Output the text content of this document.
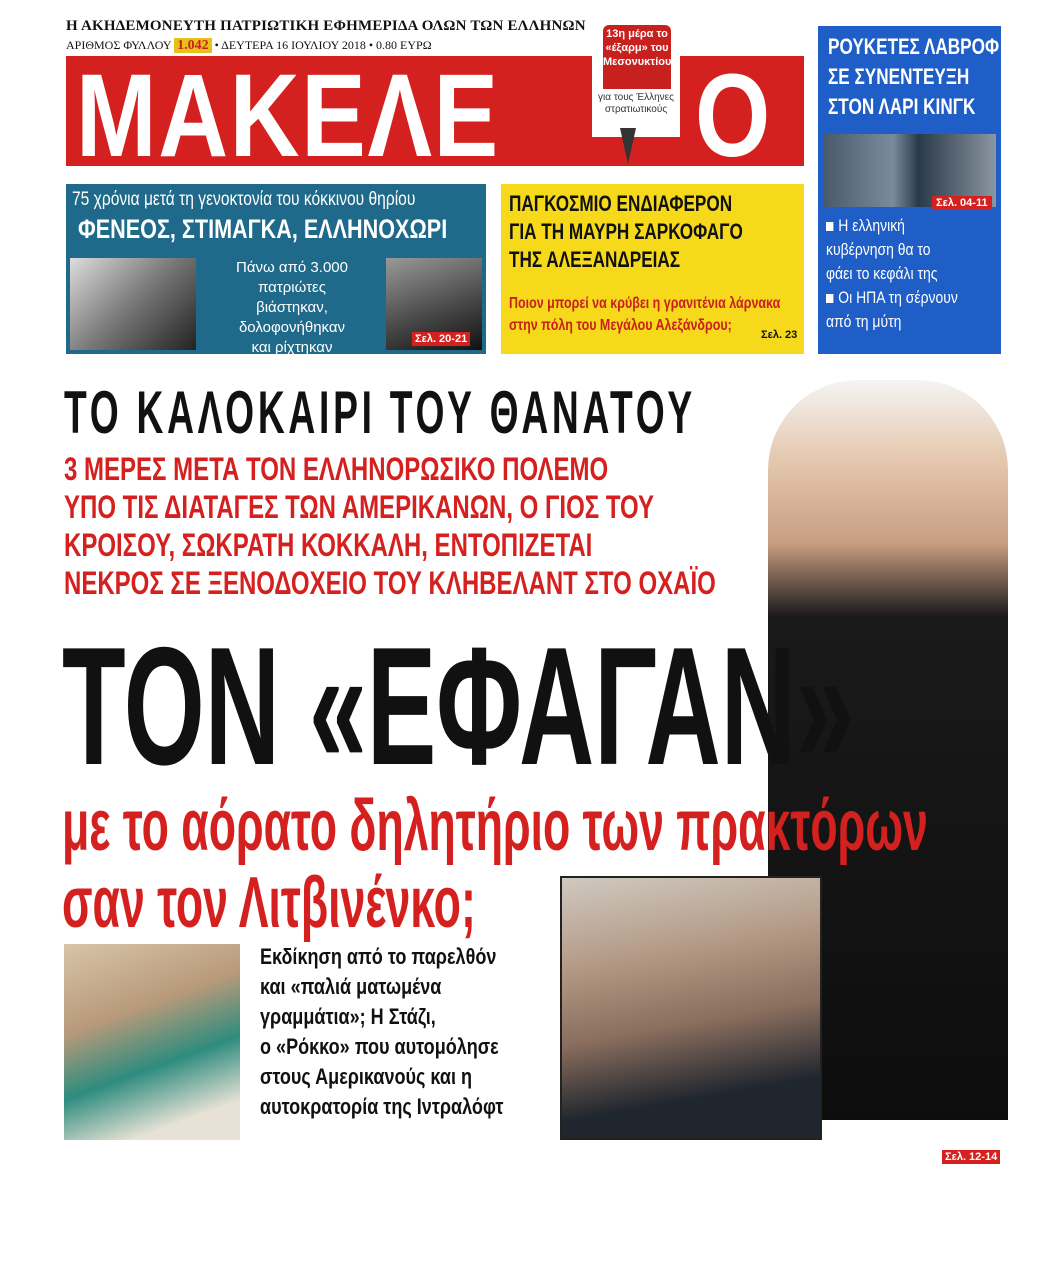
Η ΑΚΗΔΕΜΟΝΕΥΤΗ ΠΑΤΡΙΩΤΙΚΗ ΕΦΗΜΕΡΙΔΑ ΟΛΩΝ ΤΩΝ ΕΛΛΗΝΩΝ
ΑΡΙΘΜΟΣ ΦΥΛΛΟΥ 1.042 • ΔΕΥΤΕΡΑ 16 ΙΟΥΛΙΟΥ 2018 • 0.80 ΕΥΡΩ
ΜΑΚΕΛΕ Ο
13η μέρα το «έξαρμ» του Μεσονυκτίου»
για τους Έλληνες στρατιωτικούς
ΡΟΥΚΕΤΕΣ ΛΑΒΡΟΦ
ΣΕ ΣΥΝΕΝΤΕΥΞΗ
ΣΤΟΝ ΛΑΡΙ ΚΙΝΓΚ
Σελ. 04-11
Η ελληνική
κυβέρνηση θα το
φάει το κεφάλι της
Οι ΗΠΑ τη σέρνουν
από τη μύτη
75 χρόνια μετά τη γενοκτονία του κόκκινου θηρίου
ΦΕΝΕΟΣ, ΣΤΙΜΑΓΚΑ, ΕΛΛΗΝΟΧΩΡΙ
Πάνω από 3.000 πατριώτες
βιάστηκαν, δολοφονήθηκαν
και ρίχτηκαν
σε τρύπες και χαράδρες
Σελ. 20-21
ΠΑΓΚΟΣΜΙΟ ΕΝΔΙΑΦΕΡΟΝ
ΓΙΑ ΤΗ ΜΑΥΡΗ ΣΑΡΚΟΦΑΓΟ
ΤΗΣ ΑΛΕΞΑΝΔΡΕΙΑΣ
Ποιον μπορεί να κρύβει η γρανιτένια λάρνακα
στην πόλη του Μεγάλου Αλεξάνδρου;
Σελ. 23
ΤΟ ΚΑΛΟΚΑΙΡΙ ΤΟΥ ΘΑΝΑΤΟΥ
3 ΜΕΡΕΣ ΜΕΤΑ ΤΟΝ ΕΛΛΗΝΟΡΩΣΙΚΟ ΠΟΛΕΜΟ
ΥΠΟ ΤΙΣ ΔΙΑΤΑΓΕΣ ΤΩΝ ΑΜΕΡΙΚΑΝΩΝ, Ο ΓΙΟΣ ΤΟΥ
ΚΡΟΙΣΟΥ, ΣΩΚΡΑΤΗ ΚΟΚΚΑΛΗ, ΕΝΤΟΠΙΖΕΤΑΙ
ΝΕΚΡΟΣ ΣΕ ΞΕΝΟΔΟΧΕΙΟ ΤΟΥ ΚΛΗΒΕΛΑΝΤ ΣΤΟ ΟΧΑΪΟ
ΤΟΝ «ΕΦΑΓΑΝ»
με το αόρατο δηλητήριο των πρακτόρων
σαν τον Λιτβινένκο;
Εκδίκηση από το παρελθόν
και «παλιά ματωμένα
γραμμάτια»; Η Στάζι,
ο «Ρόκκο» που αυτομόλησε
στους Αμερικανούς και η
αυτοκρατορία της Ιντραλόφτ
Σελ. 12-14
